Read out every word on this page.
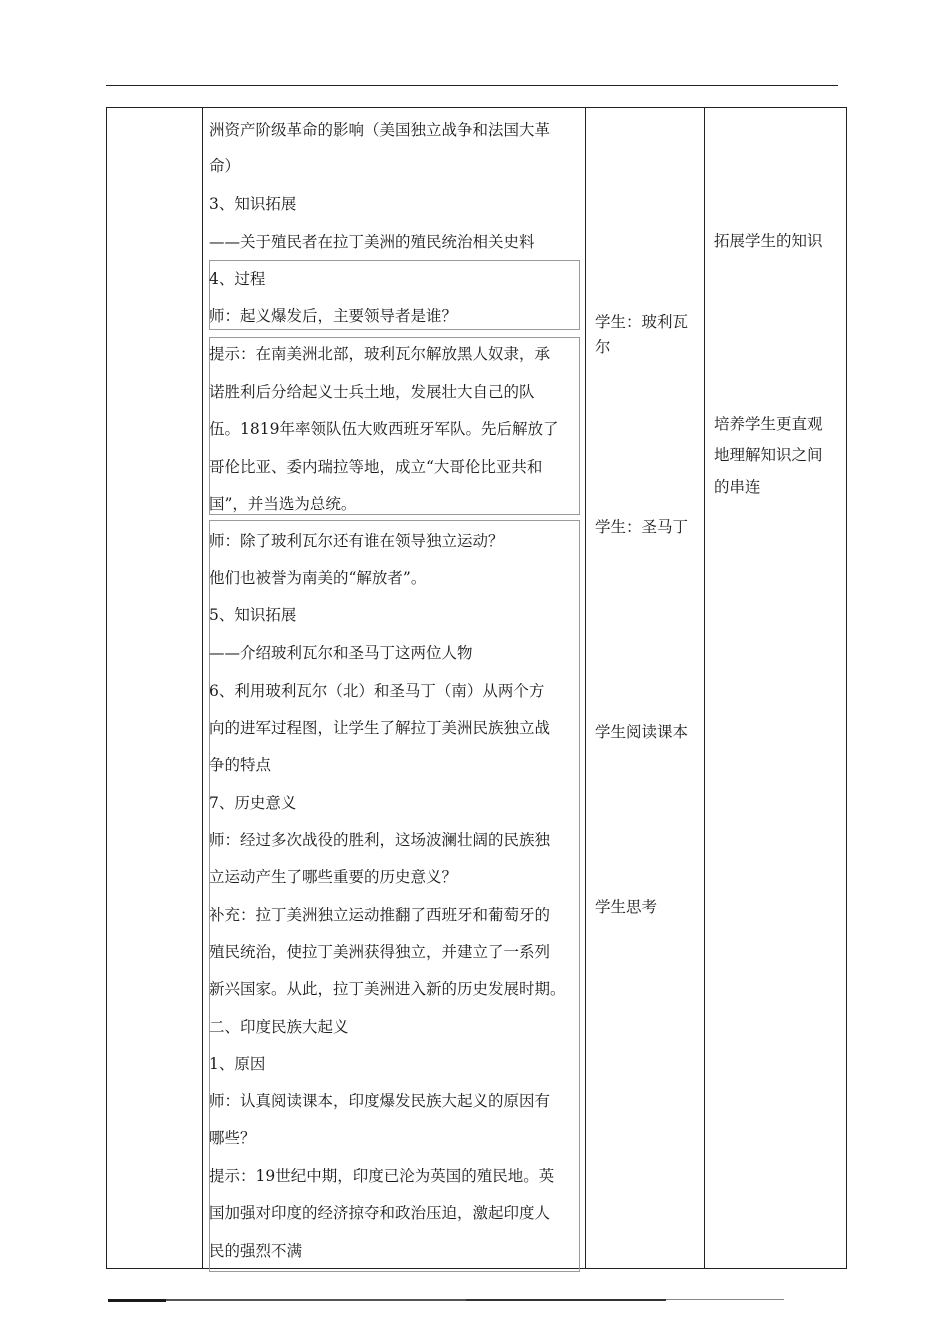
洲资产阶级革命的影响（美国独立战争和法国大革
命）
3、知识拓展
——关于殖民者在拉丁美洲的殖民统治相关史料
4、过程
师：起义爆发后，主要领导者是谁？
提示：在南美洲北部，玻利瓦尔解放黑人奴隶，承
诺胜利后分给起义士兵土地，发展壮大自己的队
伍。1819年率领队伍大败西班牙军队。先后解放了
哥伦比亚、委内瑞拉等地，成立“大哥伦比亚共和
国”，并当选为总统。
师：除了玻利瓦尔还有谁在领导独立运动？
他们也被誉为南美的“解放者”。
5、知识拓展
——介绍玻利瓦尔和圣马丁这两位人物
6、利用玻利瓦尔（北）和圣马丁（南）从两个方
向的进军过程图，让学生了解拉丁美洲民族独立战
争的特点
7、历史意义
师：经过多次战役的胜利，这场波澜壮阔的民族独
立运动产生了哪些重要的历史意义？
补充：拉丁美洲独立运动推翻了西班牙和葡萄牙的
殖民统治，使拉丁美洲获得独立，并建立了一系列
新兴国家。从此，拉丁美洲进入新的历史发展时期。
二、印度民族大起义
1、原因
师：认真阅读课本，印度爆发民族大起义的原因有
哪些？
提示：19世纪中期，印度已沦为英国的殖民地。英
国加强对印度的经济掠夺和政治压迫，激起印度人
民的强烈不满
学生：玻利瓦
尔
学生：圣马丁
学生阅读课本
学生思考
拓展学生的知识
培养学生更直观
地理解知识之间
的串连
